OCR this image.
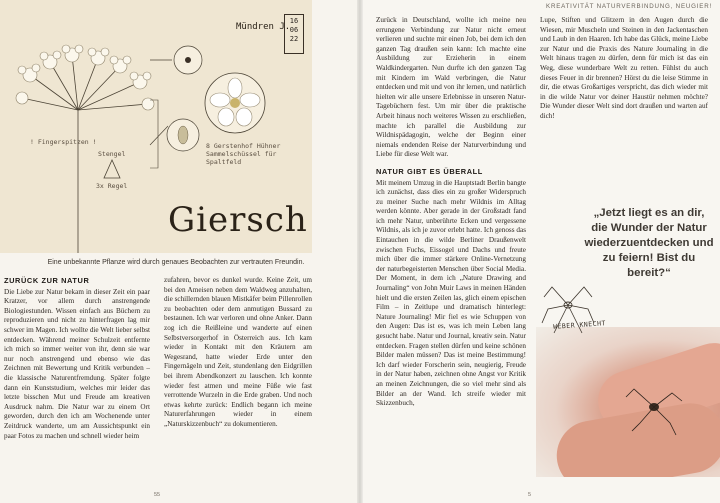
Mündren J.
16
06
22
! Fingerspitzen !
Stengel
3x Regel
8 Gerstenhof Hühner Sammelschüssel für Spaltfeld
Giersch
Eine unbekannte Pflanze wird durch genaues Beobachten zur vertrauten Freundin.
ZURÜCK ZUR NATUR

Die Liebe zur Natur bekam in dieser Zeit ein paar Kratzer, vor allem durch anstrengende Biologiestunden. Wissen einfach aus Büchern zu reproduzieren und nicht zu hinterfragen lag mir schwer im Magen. Ich wollte die Welt lieber selbst entdecken. Während meiner Schulzeit entfernte ich mich so immer weiter von ihr, denn sie war nur noch anstrengend und ebenso wie das Zeichnen mit Bewertung und Kritik verbunden – die klassische Naturentfremdung. Später folgte dann ein Kunststudium, welches mir leider das letzte bisschen Mut und Freude am kreativen Ausdruck nahm. Die Natur war zu einem Ort geworden, durch den ich am Wochenende unter Zeitdruck wanderte, um am Aussichtspunkt ein paar Fotos zu machen und schnell wieder heim

zufahren, bevor es dunkel wurde. Keine Zeit, um bei den Ameisen neben dem Waldweg anzuhalten, die schillernden blauen Mistkäfer beim Pillenrollen zu beobachten oder dem anmutigen Bussard zu bestaunen. Ich war verloren und ohne Anker. Dann zog ich die Reißleine und wanderte auf einen Selbstversorgerhof in Österreich aus. Ich kam wieder in Kontakt mit den Kräutern am Wegesrand, hatte wieder Erde unter den Fingernägeln und Zeit, stundenlang den Eidgrillen bei ihrem Abendkonzert zu lauschen. Ich konnte wieder fest atmen und meine Füße wie fast verrottende Wurzeln in die Erde graben. Und noch etwas kehrte zurück: Endlich begann ich meine Naturerfahrungen wieder in einem „Naturskizzenbuch“ zu dokumentieren.

55
KREATIVITÄT NATURVERBINDUNG, NEUGIER!

Zurück in Deutschland, wollte ich meine neu errungene Verbindung zur Natur nicht erneut verlieren und suchte mir einen Job, bei dem ich den ganzen Tag draußen sein kann: Ich machte eine Ausbildung zur Erzieherin in einem Waldkindergarten. Nun durfte ich den ganzen Tag mit Kindern im Wald verbringen, die Natur entdecken und mit und von ihr lernen, und natürlich hielten wir alle unsere Erlebnisse in unseren Natur-Tagebüchern fest. Um mir über die praktische Arbeit hinaus noch weiteres Wissen zu erschließen, machte ich parallel die Ausbildung zur Wildnispädagogin, welche der Beginn einer niemals endenden Reise der Naturverbindung und Liebe für diese Welt war.

NATUR GIBT ES ÜBERALL

Mit meinem Umzug in die Hauptstadt Berlin bangte ich zunächst, dass dies ein zu großer Widerspruch zu meiner Suche nach mehr Wildnis im Alltag werden könnte. Aber gerade in der Großstadt fand ich mehr Natur, unberührte Ecken und vergessene Wildnis, als ich je zuvor erlebt hatte. Ich genoss das Eintauchen in die wilde Berliner Draußenwelt zwischen Fuchs, Eissogel und Dachs und freute mich über die immer stärkere Online-Vernetzung der naturbegeisterten Menschen über Social Media. Der Moment, in dem ich „Nature Drawing and Journaling“ von John Muir Laws in meinen Händen hielt und die ersten Zeilen las, glich einem epischen Film – in Zeitlupe und dramatisch hinterlegt: Nature Journaling! Mir fiel es wie Schuppen von den Augen: Das ist es, was ich mein Leben lang gesucht habe. Natur und Journal, kreativ sein. Natur entdecken. Fragen stellen dürfen und keine schönen Bilder malen müssen? Das ist meine Bestimmung! Ich darf wieder Forscherin sein, neugierig, Freude in der Natur haben, zeichnen ohne Angst vor Kritik an meinen Zeichnungen, die so viel mehr sind als Bilder an der Wand. Ich streife wieder mit Skizzenbuch,

Lupe, Stiften und Glitzern in den Augen durch die Wiesen, mir Muscheln und Steinen in den Jackentaschen und Laub in den Haaren. Ich habe das Glück, meine Liebe zur Natur und die Praxis des Nature Journaling in die Welt hinaus tragen zu dürfen, denn für mich ist das ein Weg, diese wunderbare Welt zu retten. Fühlst du auch dieses Feuer in dir brennen? Hörst du die leise Stimme in dir, die etwas Großartiges verspricht, das dich wieder mit in die wilde Natur vor deiner Haustür nehmen möchte? Die Wunder dieser Welt sind dort draußen und warten auf dich!

5
„Jetzt liegt es an dir, die Wunder der Natur wiederzuentdecken und zu feiern! Bist du bereit?“
WEBER KNECHT
